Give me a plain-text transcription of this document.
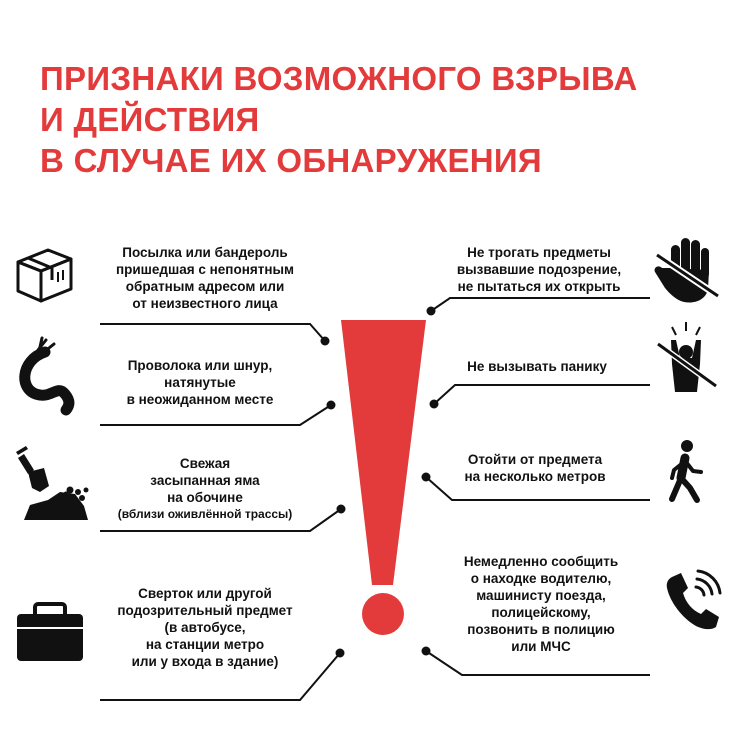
ПРИЗНАКИ ВОЗМОЖНОГО ВЗРЫВА
И ДЕЙСТВИЯ
В СЛУЧАЕ ИХ ОБНАРУЖЕНИЯ
Посылка или бандероль
пришедшая с непонятным
обратным адресом или
от неизвестного лица
Проволока или шнур,
натянутые
в неожиданном месте
Свежая
засыпанная яма
на обочине
(вблизи оживлённой трассы)
Сверток или другой
подозрительный предмет
(в автобусе,
на станции метро
или у входа в здание)
Не трогать предметы
вызвавшие подозрение,
не пытаться их открыть
Не вызывать панику
Отойти от предмета
на несколько метров
Немедленно сообщить
о находке водителю,
машинисту поезда,
полицейскому,
позвонить в полицию
или МЧС
